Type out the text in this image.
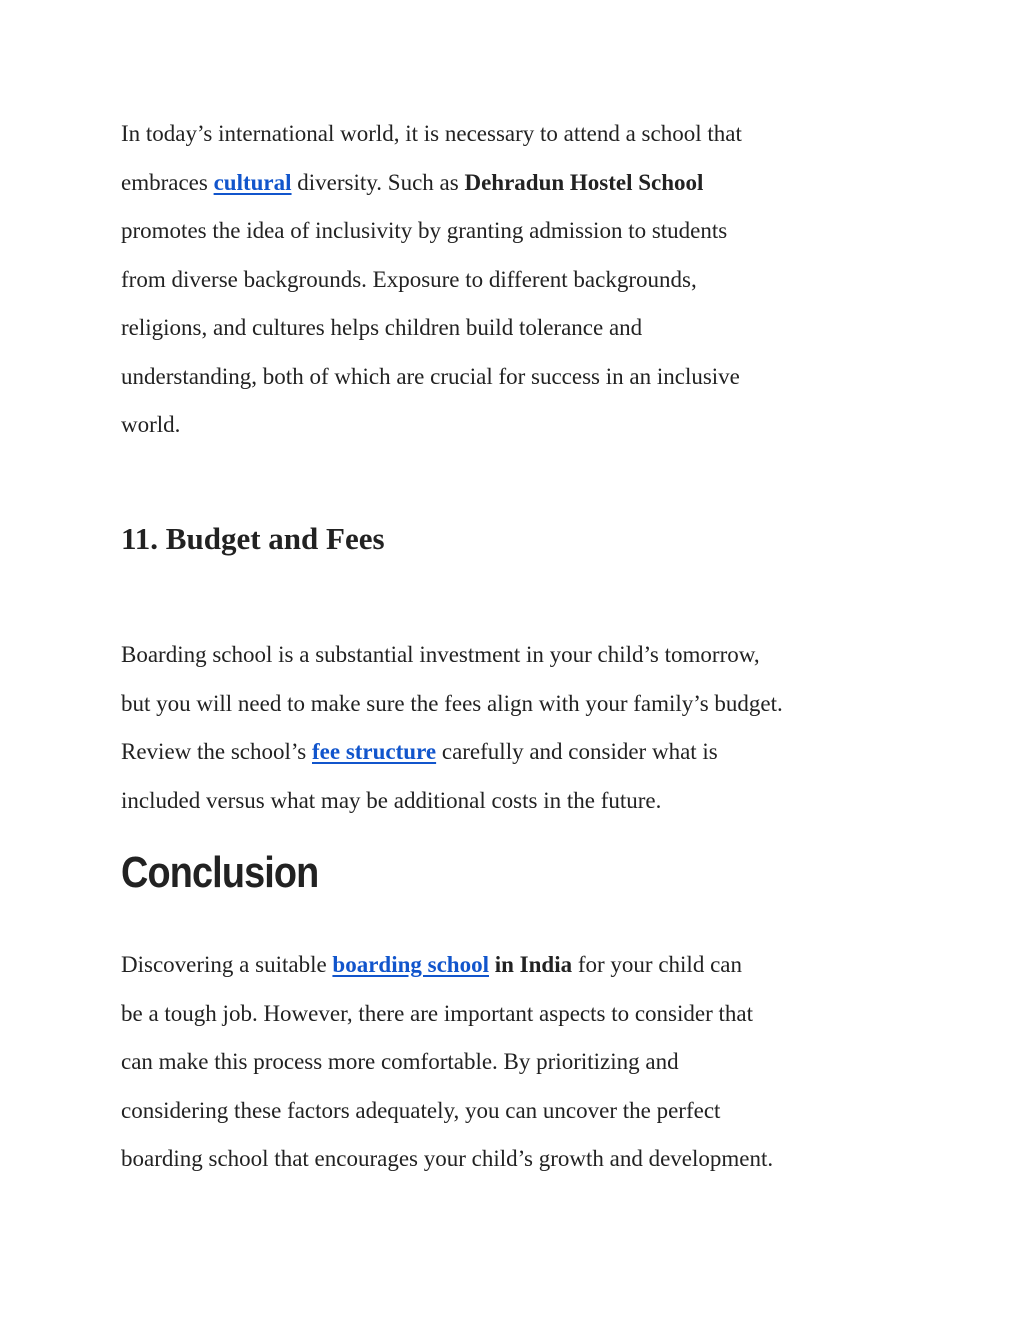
In today’s international world, it is necessary to attend a school that
embraces cultural diversity. Such as Dehradun Hostel School
promotes the idea of inclusivity by granting admission to students
from diverse backgrounds. Exposure to different backgrounds,
religions, and cultures helps children build tolerance and
understanding, both of which are crucial for success in an inclusive
world.

11. Budget and Fees

Boarding school is a substantial investment in your child’s tomorrow,
but you will need to make sure the fees align with your family’s budget.
Review the school’s fee structure carefully and consider what is
included versus what may be additional costs in the future.

Conclusion

Discovering a suitable boarding school in India for your child can
be a tough job. However, there are important aspects to consider that
can make this process more comfortable. By prioritizing and
considering these factors adequately, you can uncover the perfect
boarding school that encourages your child’s growth and development.
